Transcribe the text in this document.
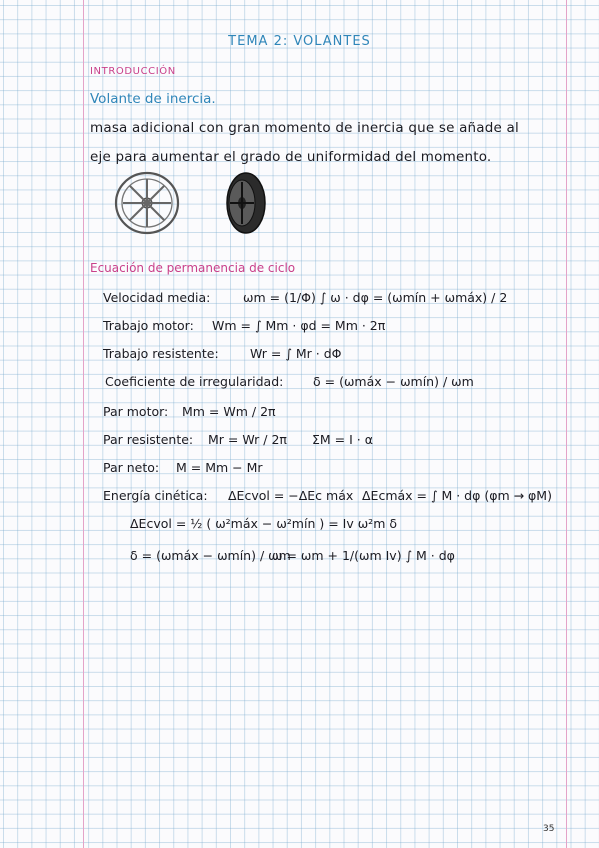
TEMA 2: VOLANTES
INTRODUCCIÓN
Volante de inercia.
masa adicional con gran momento de inercia que se añade al
eje para aumentar el grado de uniformidad del momento.
Ecuación de permanencia de ciclo
Velocidad media:	ωm = (1/Φ) ∫ ω · dφ = (ωmín + ωmáx) / 2
Trabajo motor: Wm = ∫ Mm · φd = Mm · 2π
Trabajo resistente:	Wr = ∫ Mr · dΦ
Coeficiente de irregularidad: δ = (ωmáx − ωmín) / ωm
Par motor: Mm = Wm / 2π
Par resistente: Mr = Wr / 2π ΣM = I · α
Par neto: M = Mm − Mr
Energía cinética: ΔEcvol = −ΔEc máx ΔEcmáx = ∫ M · dφ (φm → φM)
ΔEcvol = ½ ( ω²máx − ω²mín ) = Iv ω²m δ
δ = (ωmáx − ωmín) / ωm
ω = ωm + 1/(ωm Iv) ∫ M · dφ
35
